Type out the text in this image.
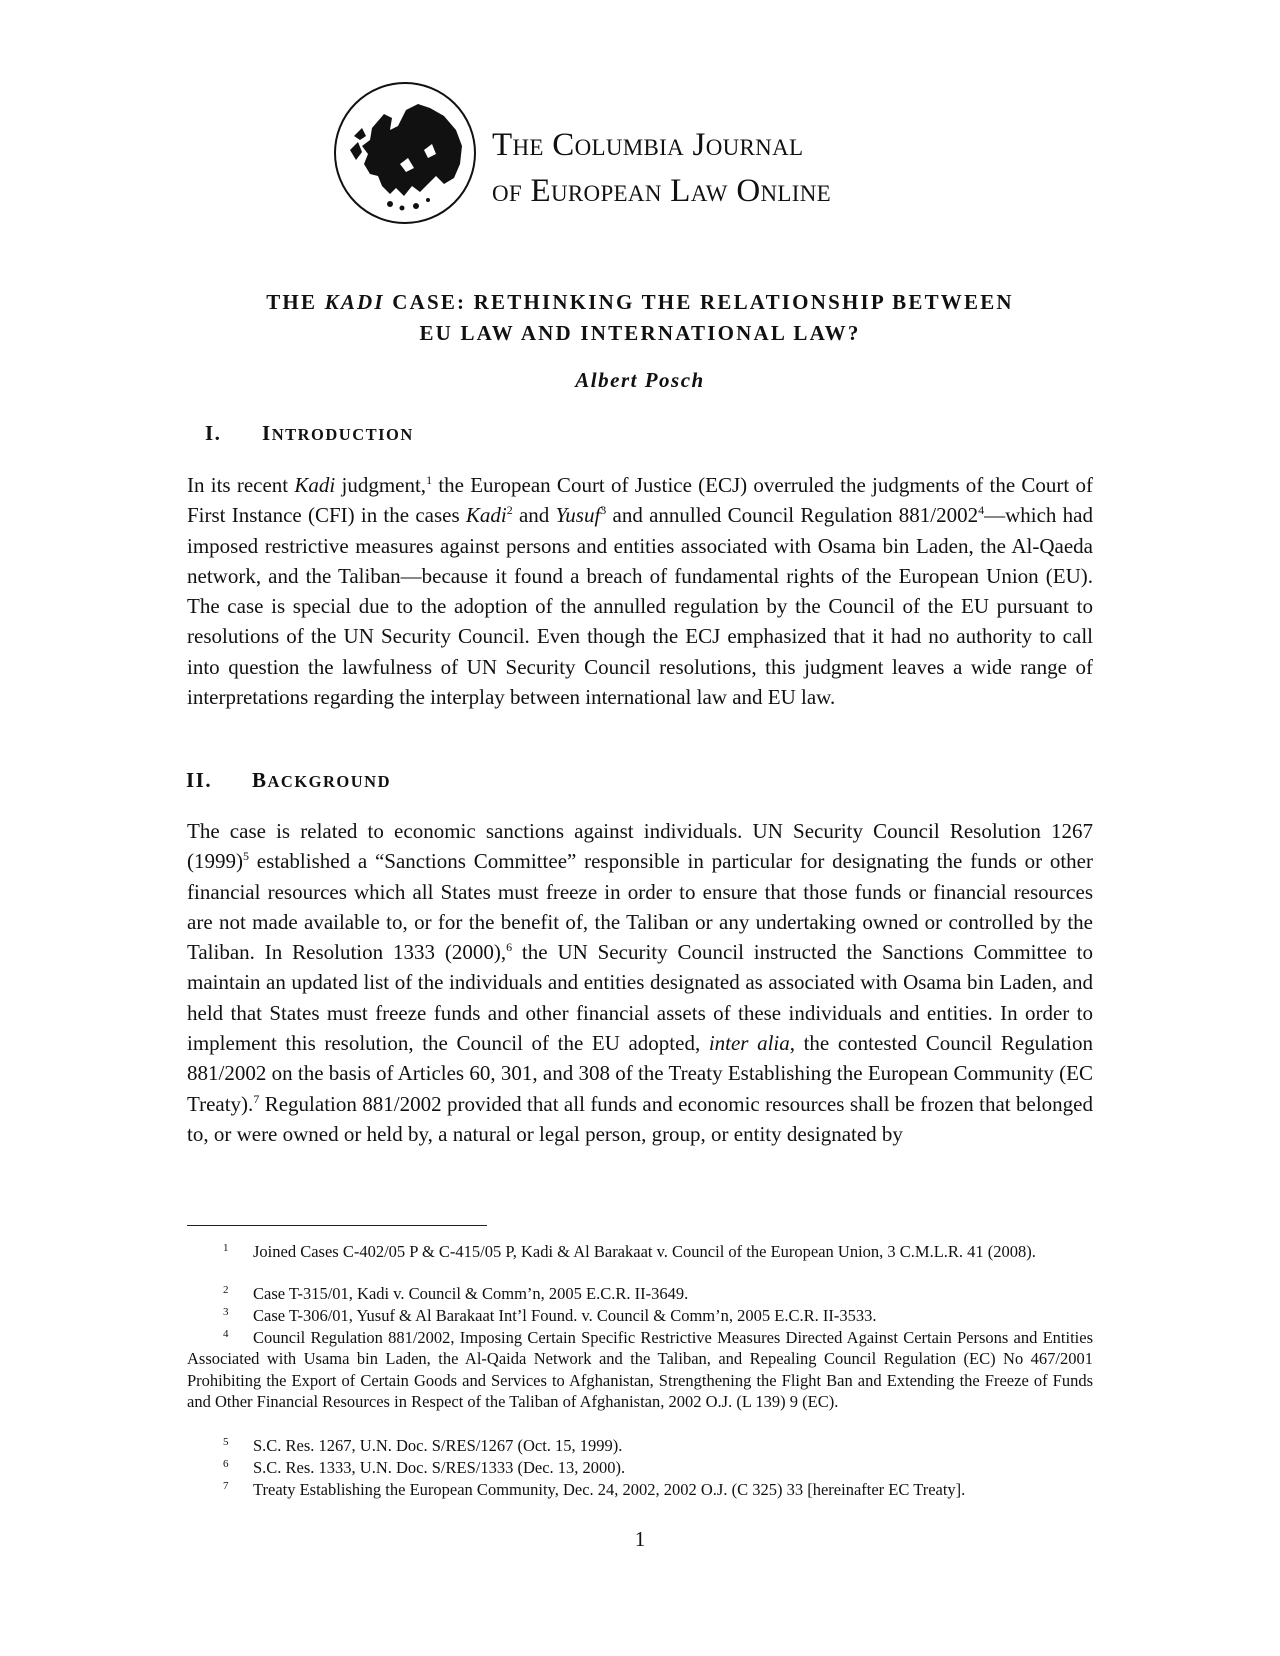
The Columbia Journal
of European Law Online
THE KADI CASE: RETHINKING THE RELATIONSHIP BETWEEN
EU LAW AND INTERNATIONAL LAW?
Albert Posch
I. INTRODUCTION
In its recent Kadi judgment,$^1$ the European Court of Justice (ECJ) overruled the judgments of the Court of First Instance (CFI) in the cases Kadi$^2$ and Yusuf$^3$ and annulled Council Regulation 881/2002$^4$—which had imposed restrictive measures against persons and entities associated with Osama bin Laden, the Al-Qaeda network, and the Taliban—because it found a breach of fundamental rights of the European Union (EU). The case is special due to the adoption of the annulled regulation by the Council of the EU pursuant to resolutions of the UN Security Council. Even though the ECJ emphasized that it had no authority to call into question the lawfulness of UN Security Council resolutions, this judgment leaves a wide range of interpretations regarding the interplay between international law and EU law.
II. BACKGROUND
The case is related to economic sanctions against individuals. UN Security Council Resolution 1267 $(1999)^5$ established a “Sanctions Committee” responsible in particular for designating the funds or other financial resources which all States must freeze in order to ensure that those funds or financial resources are not made available to, or for the benefit of, the Taliban or any undertaking owned or controlled by the Taliban. In Resolution 1333 (2000),$^6$ the UN Security Council instructed the Sanctions Committee to maintain an updated list of the individuals and entities designated as associated with Osama bin Laden, and held that States must freeze funds and other financial assets of these individuals and entities. In order to implement this resolution, the Council of the EU adopted, inter alia, the contested Council Regulation 881/2002 on the basis of Articles 60, 301, and 308 of the Treaty Establishing the European Community (EC Treaty).$^7$ Regulation 881/2002 provided that all funds and economic resources shall be frozen that belonged to, or were owned or held by, a natural or legal person, group, or entity designated by
1 Joined Cases C-402/05 P & C-415/05 P, Kadi & Al Barakaat v. Council of the European Union, 3 C.M.L.R. 41 (2008).
2 Case T-315/01, Kadi v. Council & Comm’n, 2005 E.C.R. II-3649.
3 Case T-306/01, Yusuf & Al Barakaat Int’l Found. v. Council & Comm’n, 2005 E.C.R. II-3533.
4 Council Regulation 881/2002, Imposing Certain Specific Restrictive Measures Directed Against Certain Persons and Entities Associated with Usama bin Laden, the Al-Qaida Network and the Taliban, and Repealing Council Regulation (EC) No 467/2001 Prohibiting the Export of Certain Goods and Services to Afghanistan, Strengthening the Flight Ban and Extending the Freeze of Funds and Other Financial Resources in Respect of the Taliban of Afghanistan, 2002 O.J. (L 139) 9 (EC).
5 S.C. Res. 1267, U.N. Doc. S/RES/1267 (Oct. 15, 1999).
6 S.C. Res. 1333, U.N. Doc. S/RES/1333 (Dec. 13, 2000).
7 Treaty Establishing the European Community, Dec. 24, 2002, 2002 O.J. (C 325) 33 [hereinafter EC Treaty].
1
